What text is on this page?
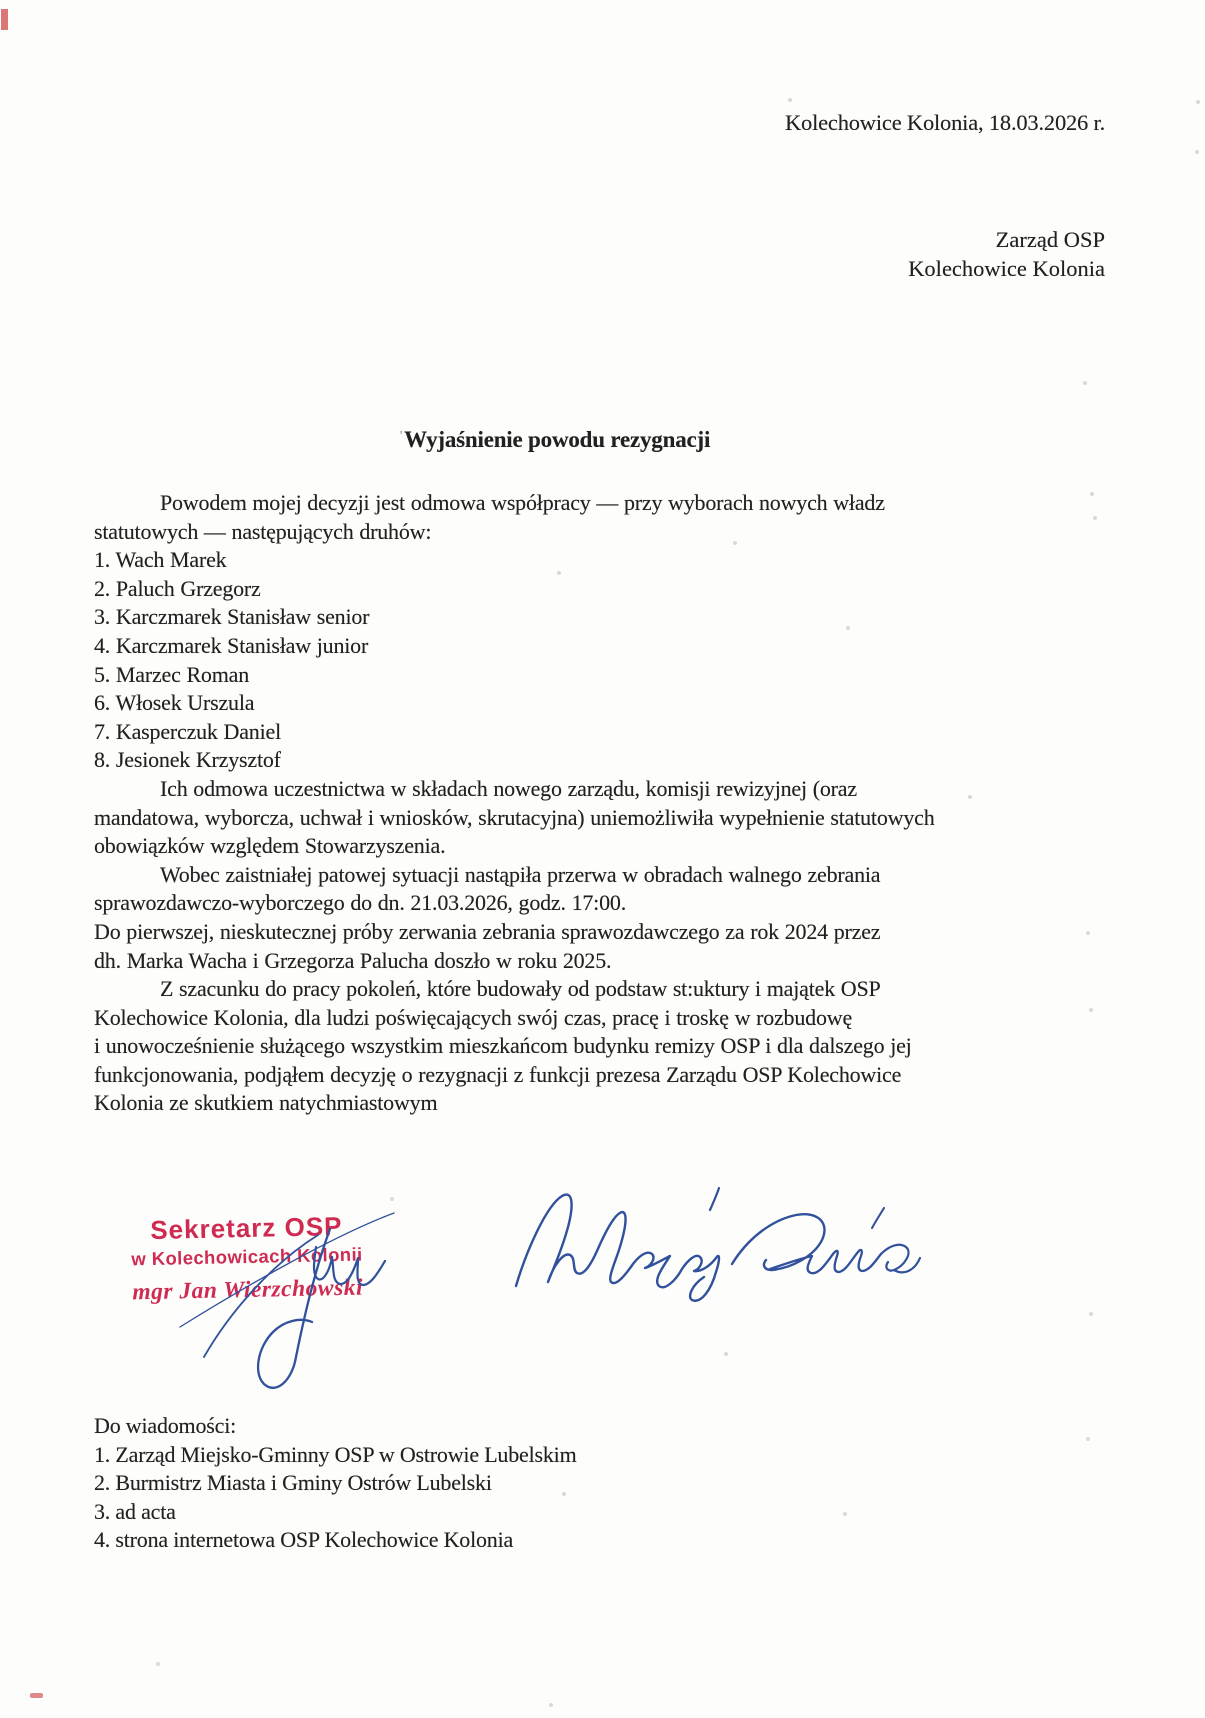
Kolechowice Kolonia, 18.03.2026 r.
Zarząd OSP
Kolechowice Kolonia
'Wyjaśnienie powodu rezygnacji
Powodem mojej decyzji jest odmowa współpracy — przy wyborach nowych władz
statutowych — następujących druhów:
1. Wach Marek
2. Paluch Grzegorz
3. Karczmarek Stanisław senior
4. Karczmarek Stanisław junior
5. Marzec Roman
6. Włosek Urszula
7. Kasperczuk Daniel
8. Jesionek Krzysztof
Ich odmowa uczestnictwa w składach nowego zarządu, komisji rewizyjnej (oraz
mandatowa, wyborcza, uchwał i wniosków, skrutacyjna) uniemożliwiła wypełnienie statutowych
obowiązków względem Stowarzyszenia.
Wobec zaistniałej patowej sytuacji nastąpiła przerwa w obradach walnego zebrania
sprawozdawczo-wyborczego do dn. 21.03.2026, godz. 17:00.
Do pierwszej, nieskutecznej próby zerwania zebrania sprawozdawczego za rok 2024 przez
dh. Marka Wacha i Grzegorza Palucha doszło w roku 2025.
Z szacunku do pracy pokoleń, które budowały od podstaw st:uktury i majątek OSP
Kolechowice Kolonia, dla ludzi poświęcających swój czas, pracę i troskę w rozbudowę
i unowocześnienie służącego wszystkim mieszkańcom budynku remizy OSP i dla dalszego jej
funkcjonowania, podjąłem decyzję o rezygnacji z funkcji prezesa Zarządu OSP Kolechowice
Kolonia ze skutkiem natychmiastowym
Sekretarz OSP
w Kolechowicach Kolonii
mgr Jan Wierzchowski
Do wiadomości:
1. Zarząd Miejsko-Gminny OSP w Ostrowie Lubelskim
2. Burmistrz Miasta i Gminy Ostrów Lubelski
3. ad acta
4. strona internetowa OSP Kolechowice Kolonia
